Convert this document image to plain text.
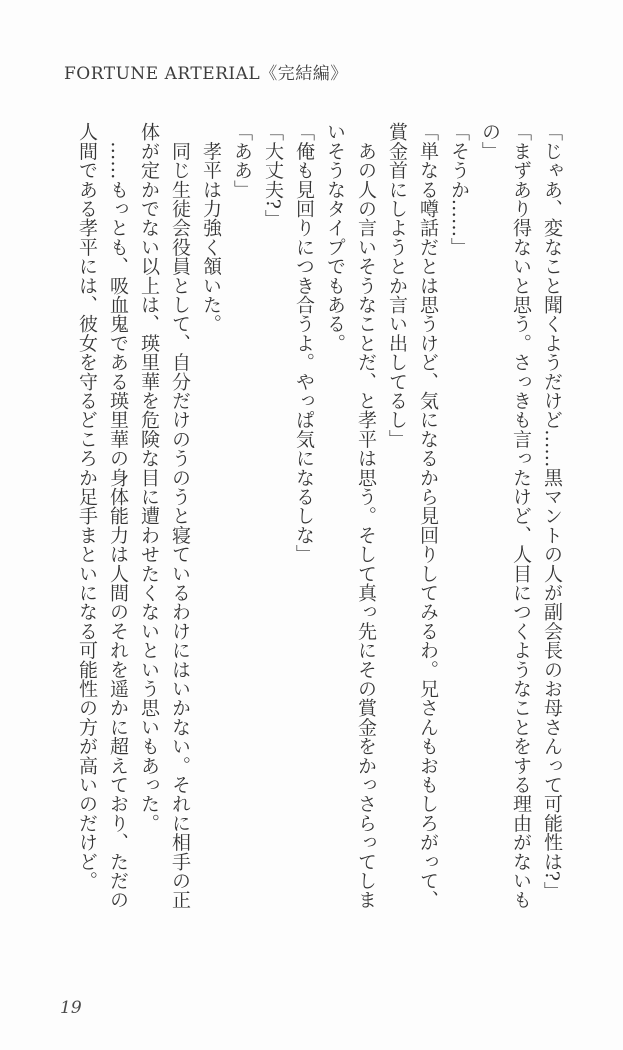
FORTUNE ARTERIAL《完結編》

「じゃあ、変なこと聞くようだけど……黒マントの人が副会長のお母さんって可能性は?」

「まずあり得ないと思う。さっきも言ったけど、人目につくようなことをする理由がないもの」

「そうか……」

「単なる噂話だとは思うけど、気になるから見回りしてみるわ。兄さんもおもしろがって、賞金首にしようとか言い出してるし」

　あの人の言いそうなことだ、と孝平は思う。そして真っ先にその賞金をかっさらってしまいそうなタイプでもある。

「俺も見回りにつき合うよ。やっぱ気になるしな」

「大丈夫?」

「ああ」

　孝平は力強く頷いた。

　同じ生徒会役員として、自分だけのうのうと寝ているわけにはいかない。それに相手の正体が定かでない以上は、瑛里華を危険な目に遭わせたくないという思いもあった。

　……もっとも、吸血鬼である瑛里華の身体能力は人間のそれを遥かに超えており、ただの人間である孝平には、彼女を守るどころか足手まといになる可能性の方が高いのだけど。

19
